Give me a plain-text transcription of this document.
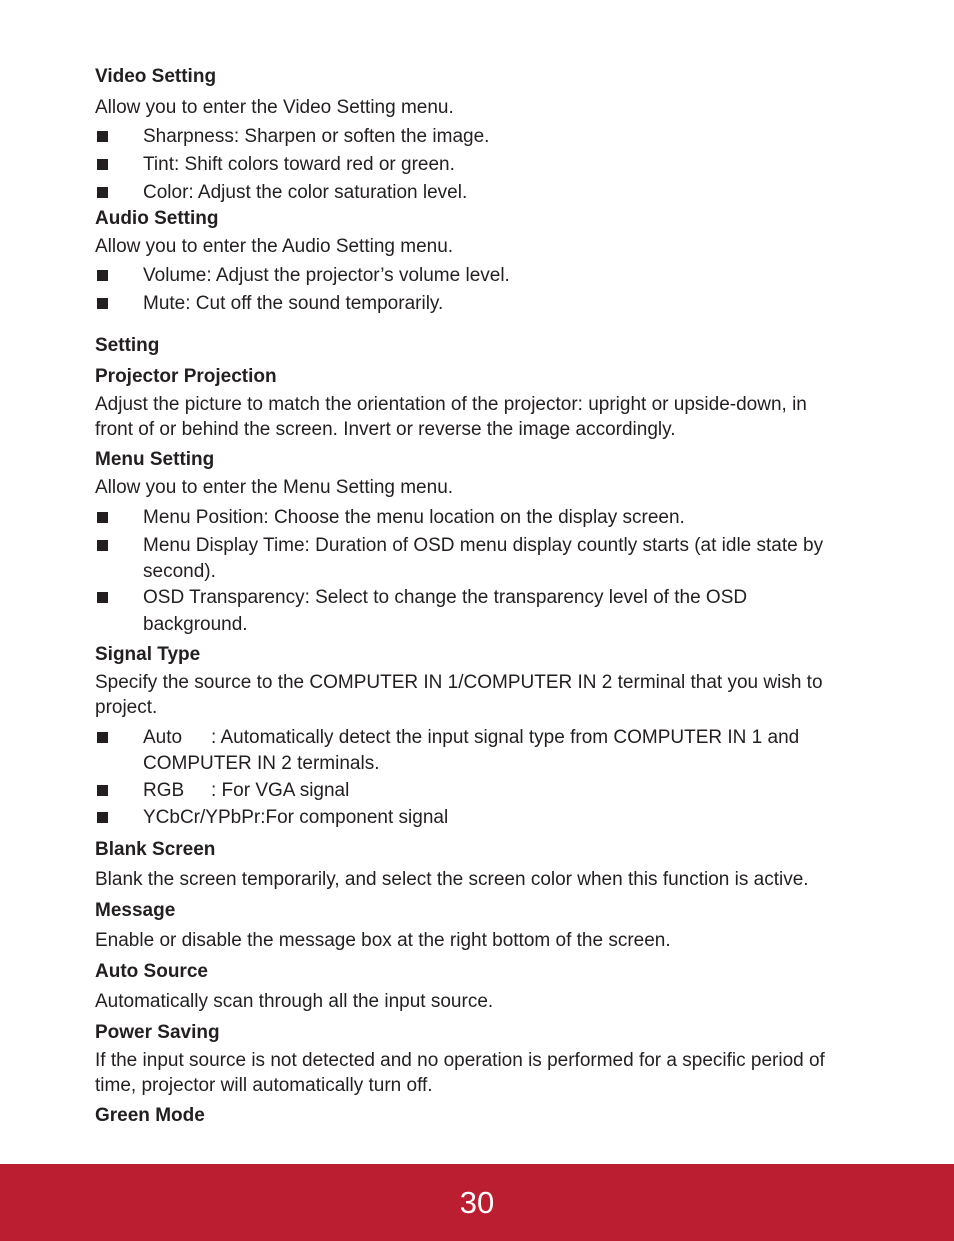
Video Setting
Allow you to enter the Video Setting menu.
Sharpness: Sharpen or soften the image.
Tint: Shift colors toward red or green.
Color: Adjust the color saturation level.
Audio Setting
Allow you to enter the Audio Setting menu.
Volume: Adjust the projector’s volume level.
Mute: Cut off the sound temporarily.
Setting
Projector Projection
Adjust the picture to match the orientation of the projector: upright or upside-down, in
front of or behind the screen. Invert or reverse the image accordingly.
Menu Setting
Allow you to enter the Menu Setting menu.
Menu Position: Choose the menu location on the display screen.
Menu Display Time: Duration of OSD menu display countly starts (at idle state by
second).
OSD Transparency: Select to change the transparency level of the OSD
background.
Signal Type
Specify the source to the COMPUTER IN 1/COMPUTER IN 2 terminal that you wish to
project.
Auto : Automatically detect the input signal type from COMPUTER IN 1 and
COMPUTER IN 2 terminals.
RGB : For VGA signal
YCbCr/YPbPr:For component signal
Blank Screen
Blank the screen temporarily, and select the screen color when this function is active.
Message
Enable or disable the message box at the right bottom of the screen.
Auto Source
Automatically scan through all the input source.
Power Saving
If the input source is not detected and no operation is performed for a specific period of
time, projector will automatically turn off.
Green Mode
30
